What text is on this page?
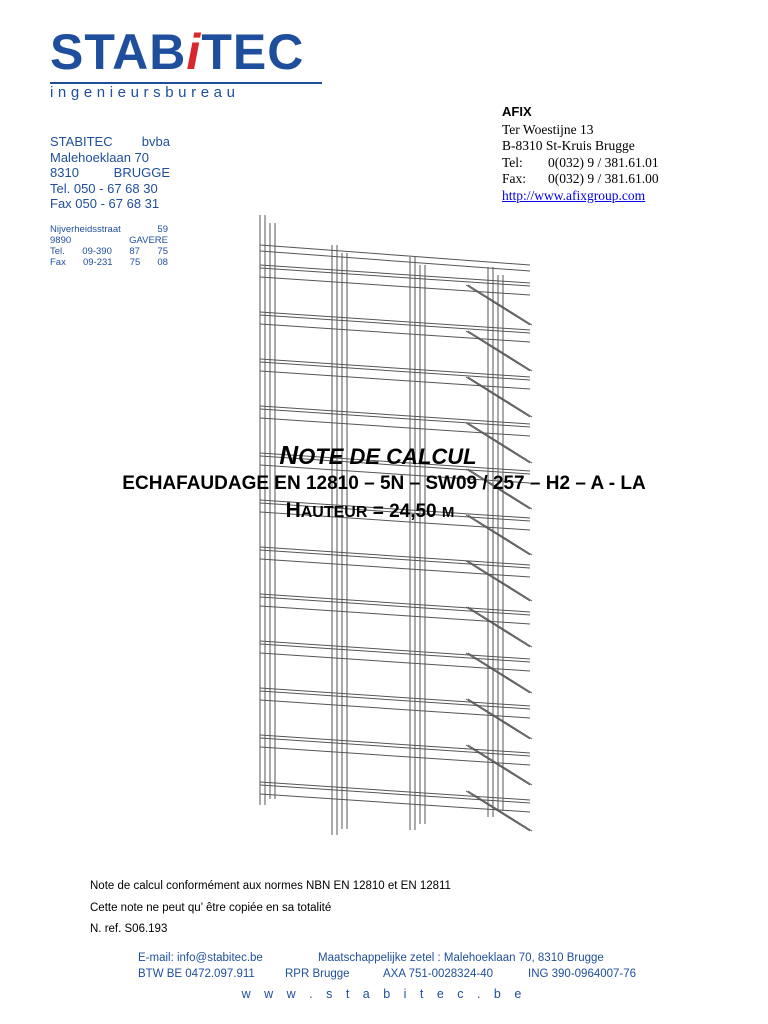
STABiTEC
ingenieursbureau
STABITEC bvba
Malehoeklaan 70
8310	BRUGGE
Tel. 050 - 67 68 30
Fax 050 - 67 68 31
Nijverheidsstraat	59
9890	GAVERE
Tel. 09-390 87 75
Fax 09-231 75 08
AFIX
Ter Woestijne 13
B-8310 St-Kruis Brugge
Tel: 0(032) 9 / 381.61.01
Fax: 0(032) 9 / 381.61.00
http://www.afixgroup.com
NOTE DE CALCUL
ECHAFAUDAGE EN 12810 – 5N – SW09 / 257 – H2 – A - LA
HAUTEUR = 24,50 M
Note de calcul conformément aux normes NBN EN 12810 et EN 12811
Cette note ne peut qu’ être copiée en sa totalité
N. ref. S06.193
E-mail: info@stabitec.be	Maatschappelijke zetel : Malehoeklaan 70, 8310 Brugge
BTW BE 0472.097.911	RPR Brugge	AXA 751-0028324-40	ING 390-0964007-76
w w w . s t a b i t e c . b e
